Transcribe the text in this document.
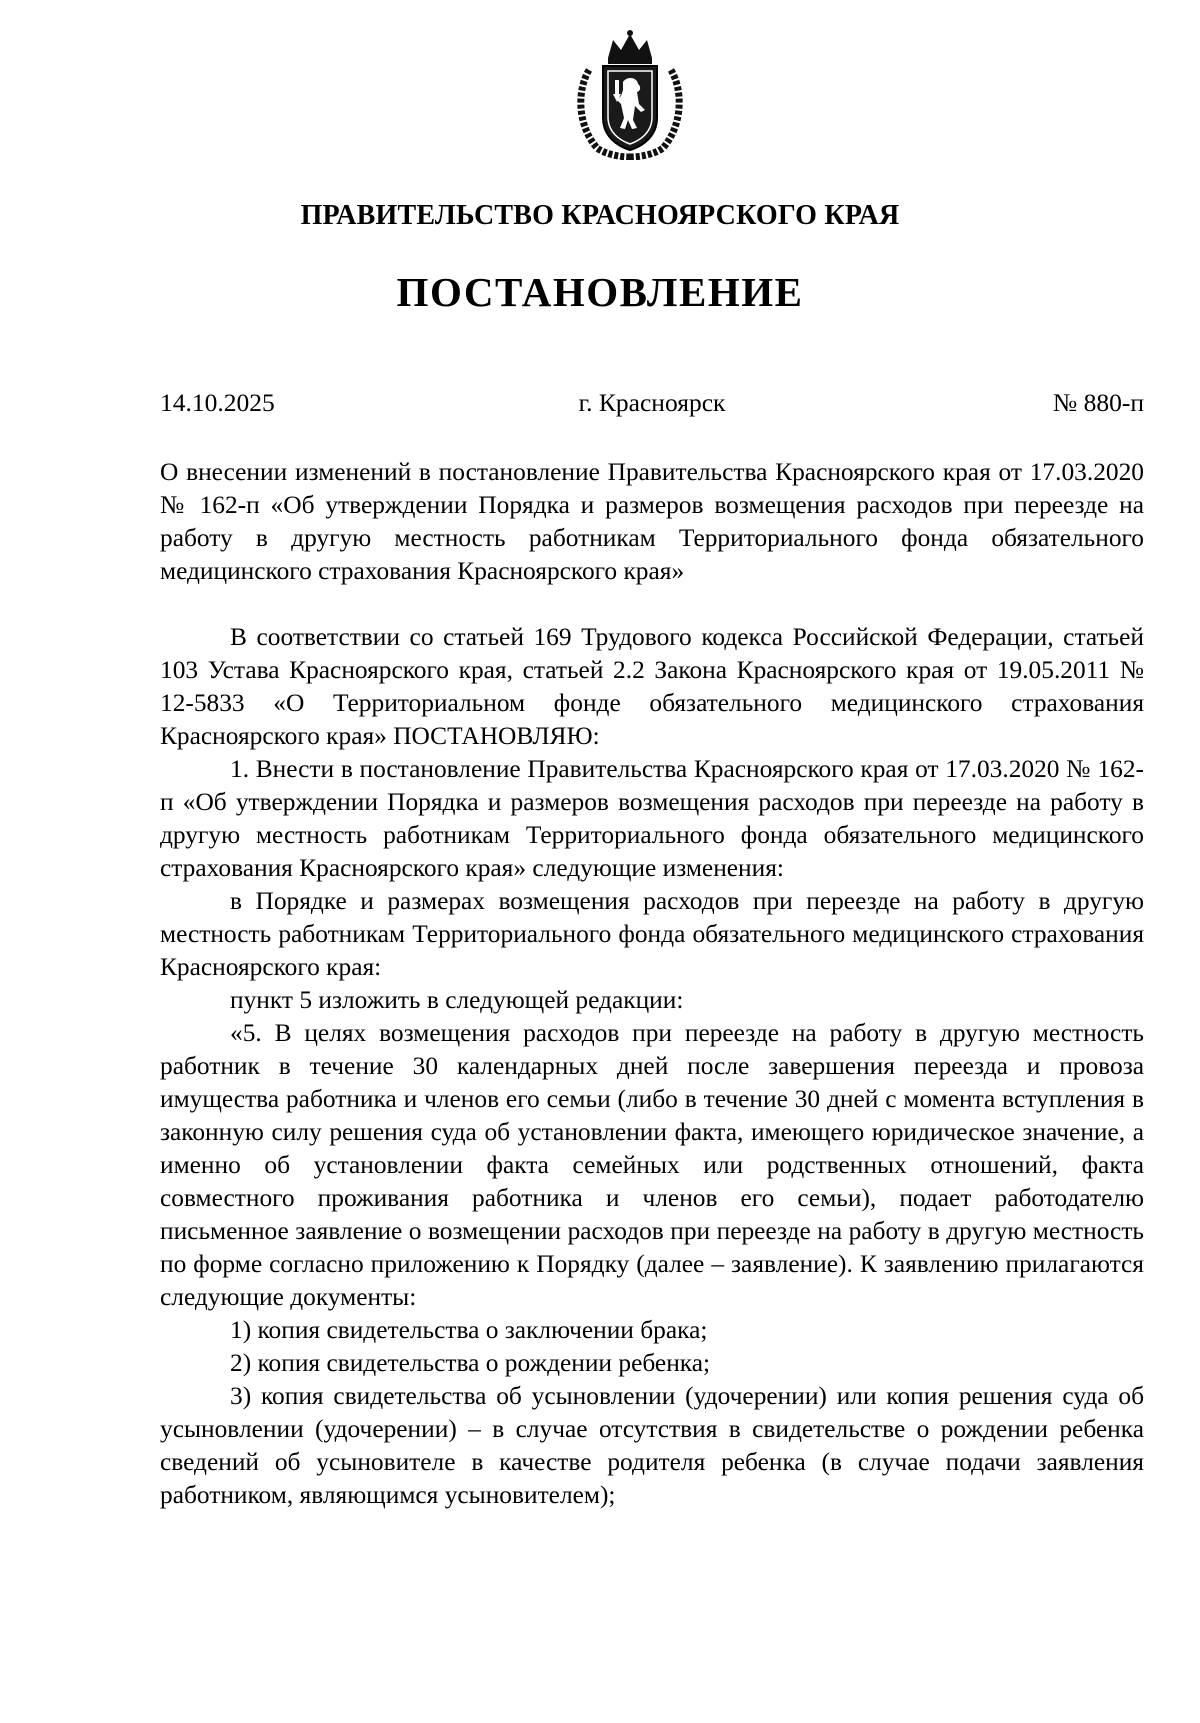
ПРАВИТЕЛЬСТВО КРАСНОЯРСКОГО КРАЯ
ПОСТАНОВЛЕНИЕ
14.10.2025	г. Красноярск	№ 880-п

О внесении изменений в постановление Правительства Красноярского края от 17.03.2020 № 162-п «Об утверждении Порядка и размеров возмещения расходов при переезде на работу в другую местность работникам Территориального фонда обязательного медицинского страхования Красноярского края»

В соответствии со статьей 169 Трудового кодекса Российской Федерации, статьей 103 Устава Красноярского края, статьей 2.2 Закона Красноярского края от 19.05.2011 № 12-5833 «О Территориальном фонде обязательного медицинского страхования Красноярского края» ПОСТАНОВЛЯЮ:

1. Внести в постановление Правительства Красноярского края от 17.03.2020 № 162-п «Об утверждении Порядка и размеров возмещения расходов при переезде на работу в другую местность работникам Территориального фонда обязательного медицинского страхования Красноярского края» следующие изменения:

в Порядке и размерах возмещения расходов при переезде на работу в другую местность работникам Территориального фонда обязательного медицинского страхования Красноярского края:

пункт 5 изложить в следующей редакции:

«5. В целях возмещения расходов при переезде на работу в другую местность работник в течение 30 календарных дней после завершения переезда и провоза имущества работника и членов его семьи (либо в течение 30 дней с момента вступления в законную силу решения суда об установлении факта, имеющего юридическое значение, а именно об установлении факта семейных или родственных отношений, факта совместного проживания работника и членов его семьи), подает работодателю письменное заявление о возмещении расходов при переезде на работу в другую местность по форме согласно приложению к Порядку (далее – заявление). К заявлению прилагаются следующие документы:

1) копия свидетельства о заключении брака;

2) копия свидетельства о рождении ребенка;

3) копия свидетельства об усыновлении (удочерении) или копия решения суда об усыновлении (удочерении) – в случае отсутствия в свидетельстве о рождении ребенка сведений об усыновителе в качестве родителя ребенка (в случае подачи заявления работником, являющимся усыновителем);
